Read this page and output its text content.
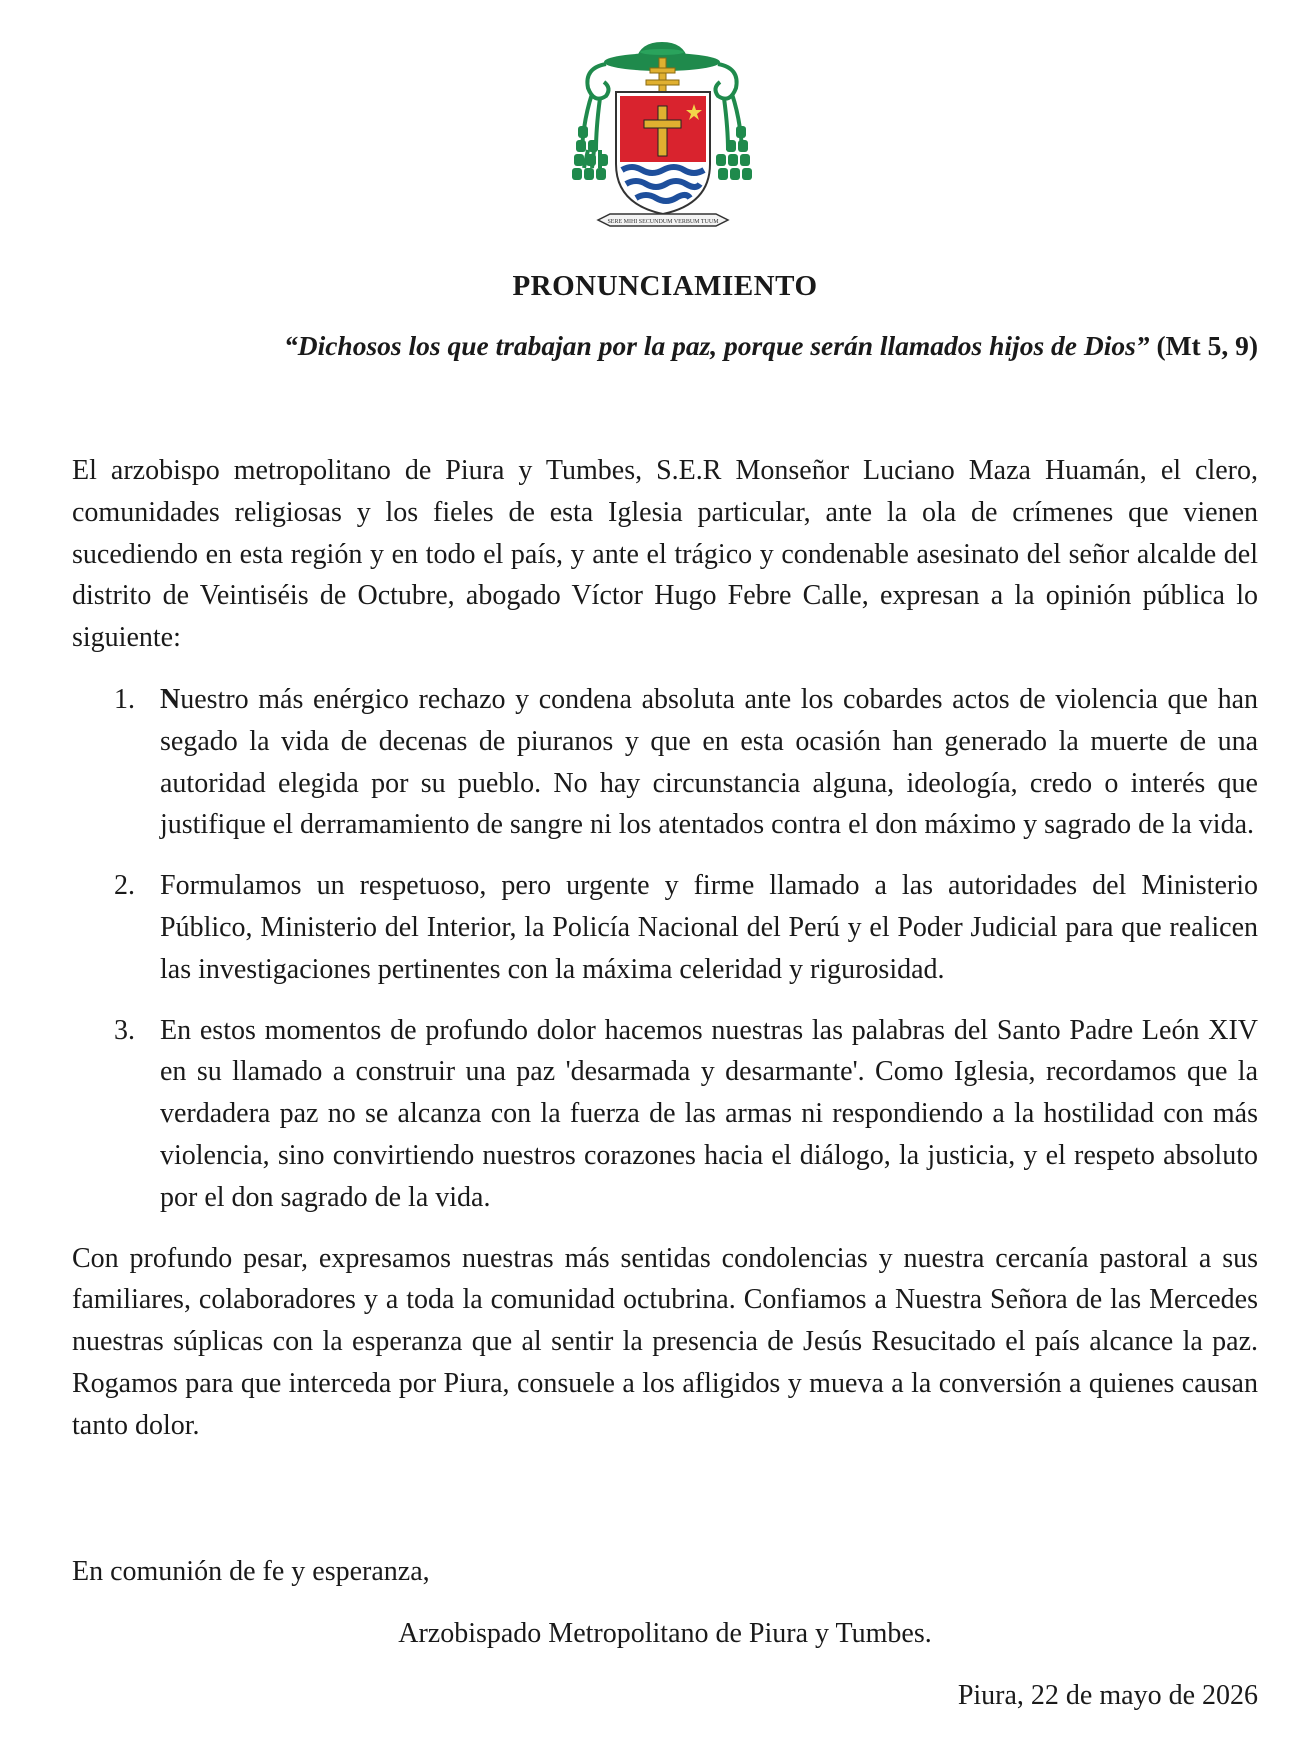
SERE MIHI SECUNDUM VERBUM TUUM
PRONUNCIAMIENTO
“Dichosos los que trabajan por la paz, porque serán llamados hijos de Dios” (Mt 5, 9)

El arzobispo metropolitano de Piura y Tumbes, S.E.R Monseñor Luciano Maza Huamán, el clero, comunidades religiosas y los fieles de esta Iglesia particular, ante la ola de crímenes que vienen sucediendo en esta región y en todo el país, y ante el trágico y condenable asesinato del señor alcalde del distrito de Veintiséis de Octubre, abogado Víctor Hugo Febre Calle, expresan a la opinión pública lo siguiente:

1. Nuestro más enérgico rechazo y condena absoluta ante los cobardes actos de violencia que han segado la vida de decenas de piuranos y que en esta ocasión han generado la muerte de una autoridad elegida por su pueblo. No hay circunstancia alguna, ideología, credo o interés que justifique el derramamiento de sangre ni los atentados contra el don máximo y sagrado de la vida.
2. Formulamos un respetuoso, pero urgente y firme llamado a las autoridades del Ministerio Público, Ministerio del Interior, la Policía Nacional del Perú y el Poder Judicial para que realicen las investigaciones pertinentes con la máxima celeridad y rigurosidad.
3. En estos momentos de profundo dolor hacemos nuestras las palabras del Santo Padre León XIV en su llamado a construir una paz 'desarmada y desarmante'. Como Iglesia, recordamos que la verdadera paz no se alcanza con la fuerza de las armas ni respondiendo a la hostilidad con más violencia, sino convirtiendo nuestros corazones hacia el diálogo, la justicia, y el respeto absoluto por el don sagrado de la vida.

Con profundo pesar, expresamos nuestras más sentidas condolencias y nuestra cercanía pastoral a sus familiares, colaboradores y a toda la comunidad octubrina. Confiamos a Nuestra Señora de las Mercedes nuestras súplicas con la esperanza que al sentir la presencia de Jesús Resucitado el país alcance la paz. Rogamos para que interceda por Piura, consuele a los afligidos y mueva a la conversión a quienes causan tanto dolor.

En comunión de fe y esperanza,
Arzobispado Metropolitano de Piura y Tumbes.
Piura, 22 de mayo de 2026
